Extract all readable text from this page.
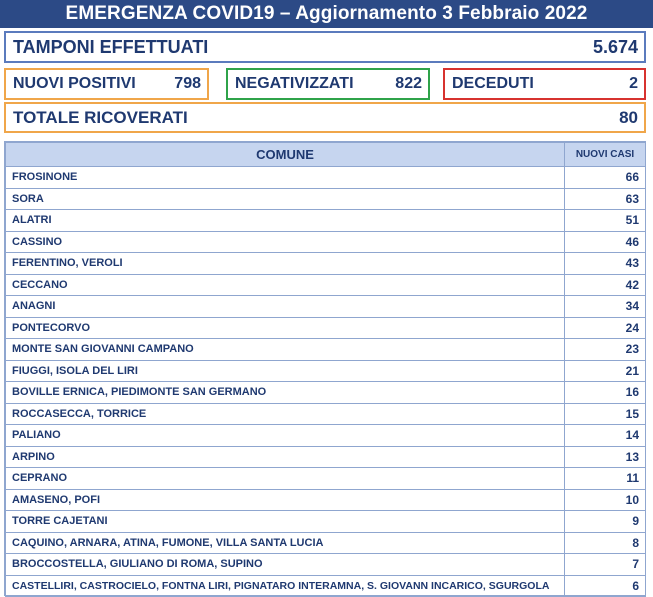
EMERGENZA COVID19 – Aggiornamento 3 Febbraio 2022
TAMPONI EFFETTUATI	5.674
NUOVI POSITIVI 798 NEGATIVIZZATI	822 DECEDUTI	2
TOTALE RICOVERATI	80
COMUNE	NUOVI CASI
FROSINONE	66
SORA	63
ALATRI	51
CASSINO	46
FERENTINO, VEROLI	43
CECCANO	42
ANAGNI	34
PONTECORVO	24
MONTE SAN GIOVANNI CAMPANO	23
FIUGGI, ISOLA DEL LIRI	21
BOVILLE ERNICA, PIEDIMONTE SAN GERMANO	16
ROCCASECCA, TORRICE	15
PALIANO	14
ARPINO	13
CEPRANO	11
AMASENO, POFI	10
TORRE CAJETANI	9
CAQUINO, ARNARA, ATINA, FUMONE, VILLA SANTA LUCIA	8
BROCCOSTELLA, GIULIANO DI ROMA, SUPINO	7
CASTELLIRI, CASTROCIELO, FONTNA LIRI, PIGNATARO INTERAMNA, S. GIOVANN INCARICO, SGURGOLA	6
